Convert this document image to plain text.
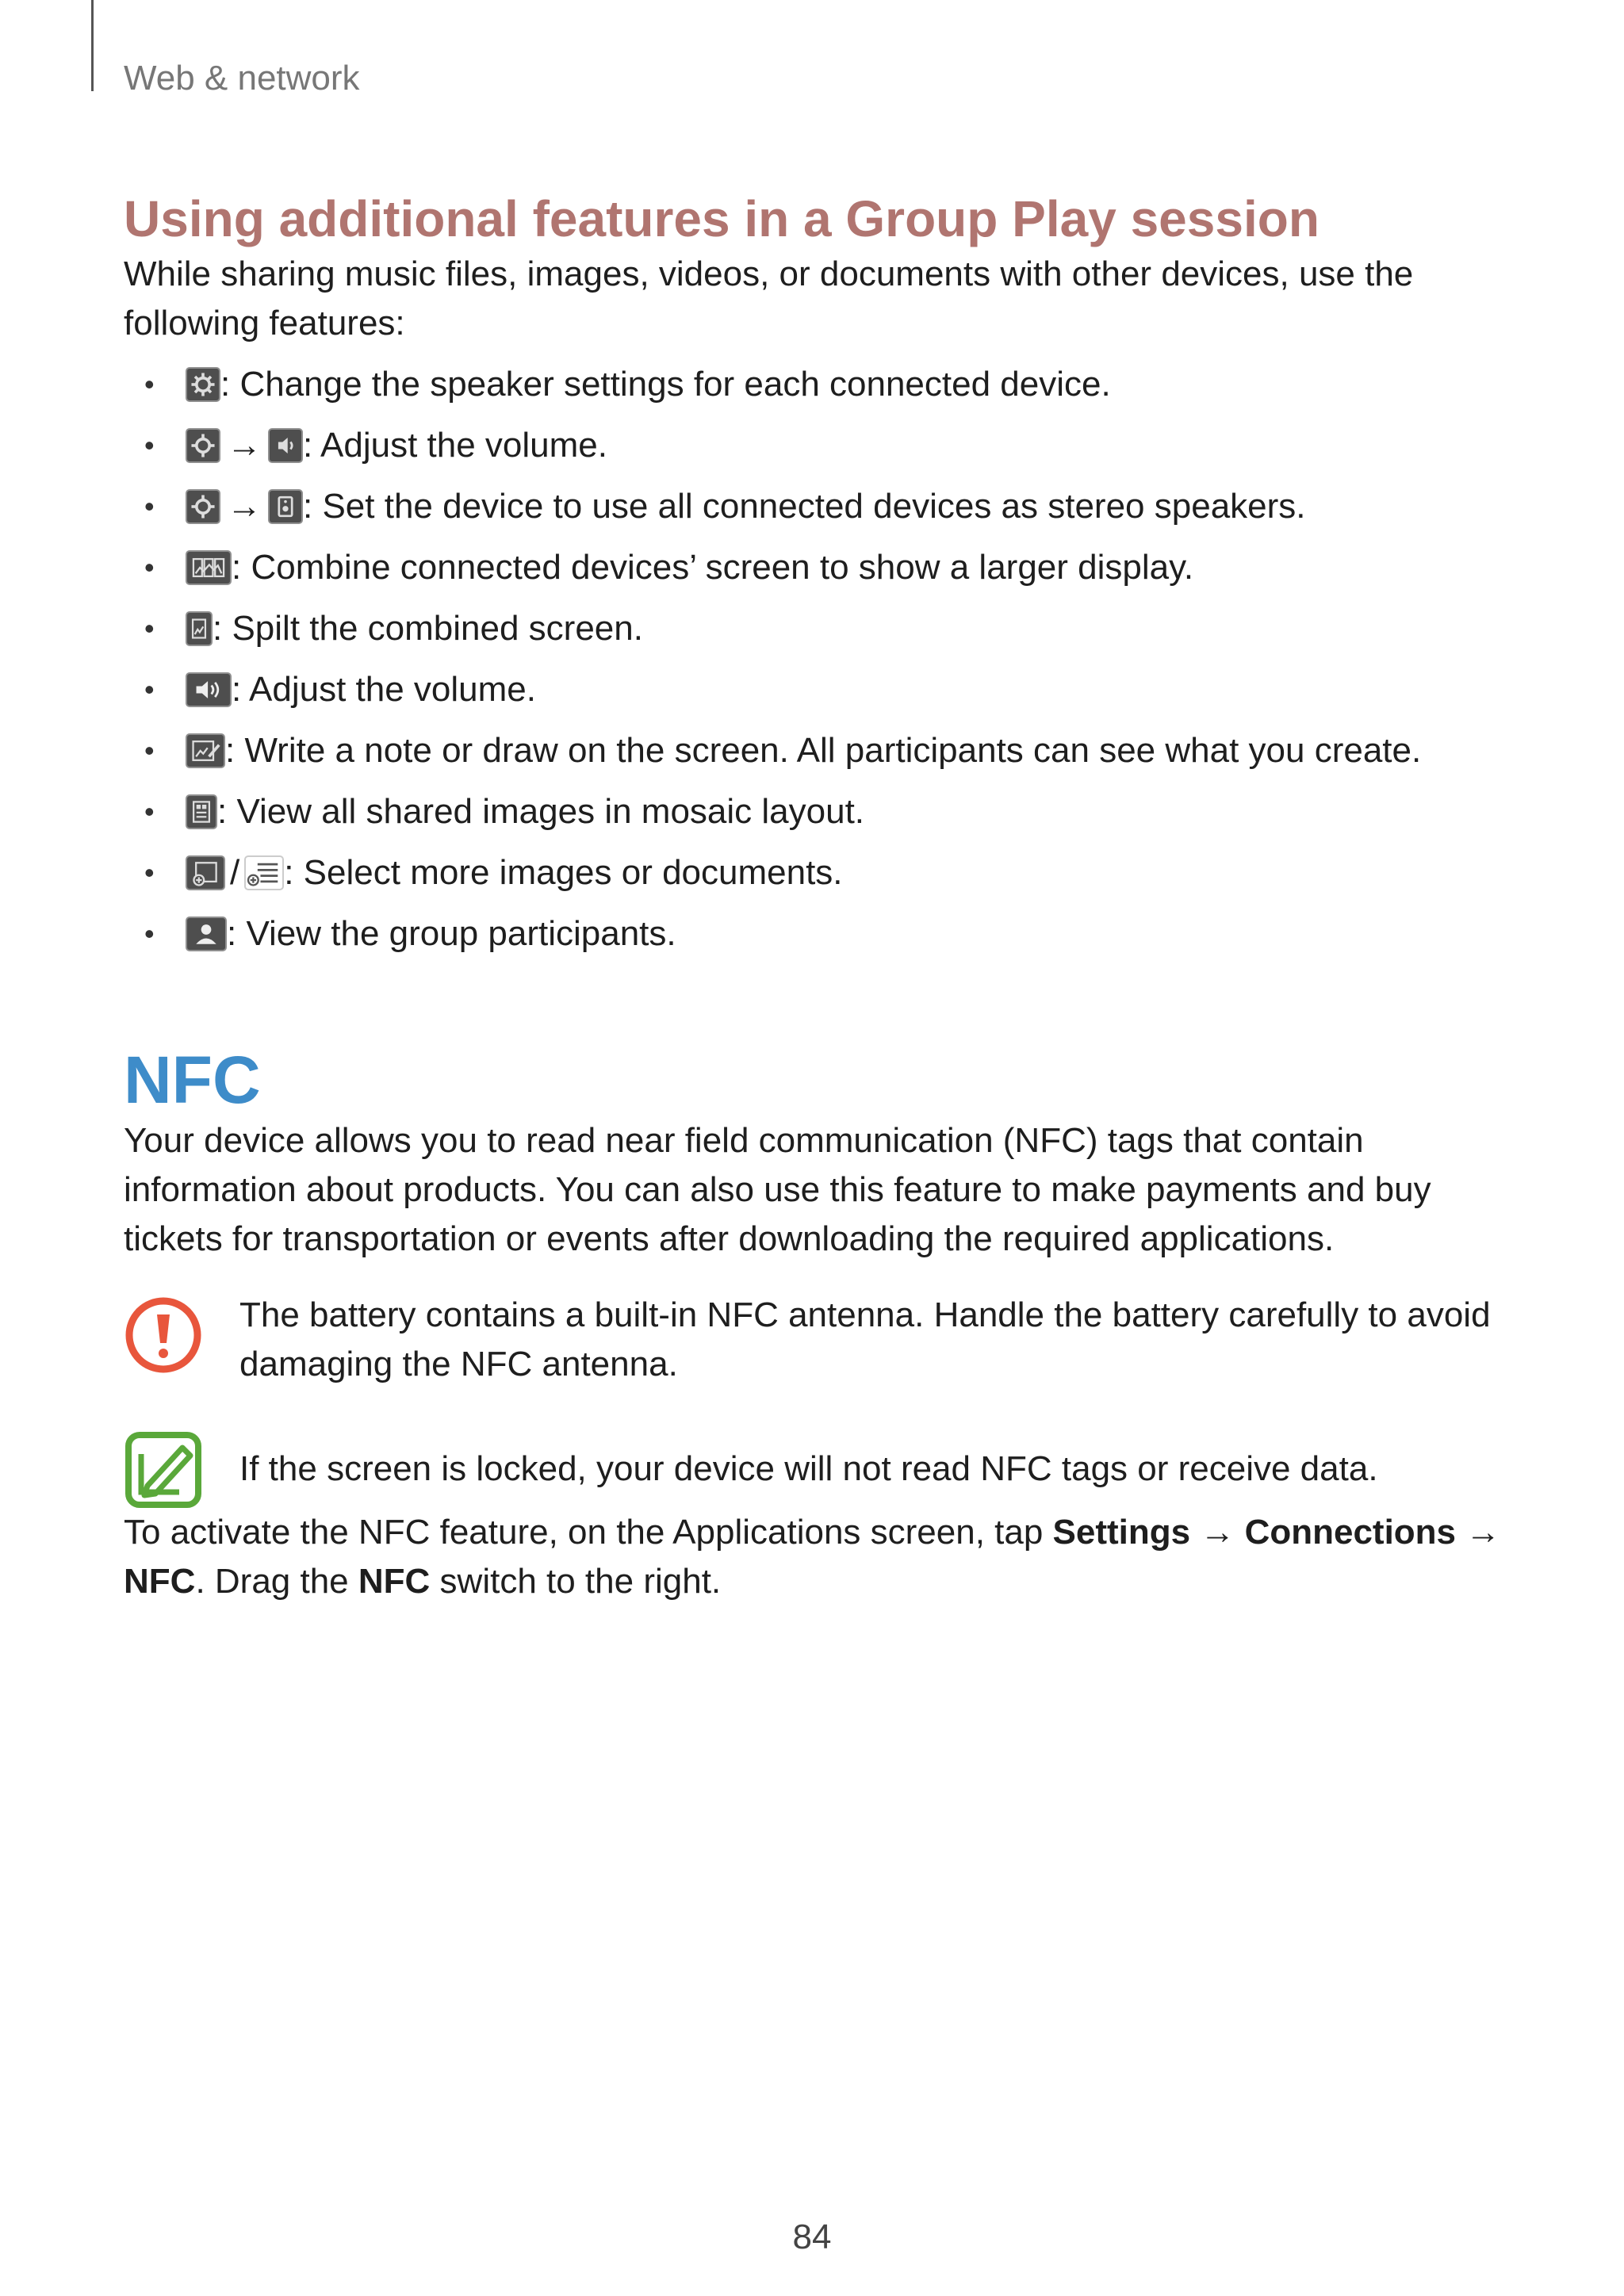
Web & network
Using additional features in a Group Play session

While sharing music files, images, videos, or documents with other devices, use the following features:

• : Change the speaker settings for each connected device.
• → : Adjust the volume.
• → : Set the device to use all connected devices as stereo speakers.
• : Combine connected devices’ screen to show a larger display.
• : Spilt the combined screen.
• : Adjust the volume.
• : Write a note or draw on the screen. All participants can see what you create.
• : View all shared images in mosaic layout.
• / : Select more images or documents.
• : View the group participants.
NFC

Your device allows you to read near field communication (NFC) tags that contain information about products. You can also use this feature to make payments and buy tickets for transportation or events after downloading the required applications.

The battery contains a built-in NFC antenna. Handle the battery carefully to avoid damaging the NFC antenna.

If the screen is locked, your device will not read NFC tags or receive data.

To activate the NFC feature, on the Applications screen, tap Settings → Connections → NFC. Drag the NFC switch to the right.

84
